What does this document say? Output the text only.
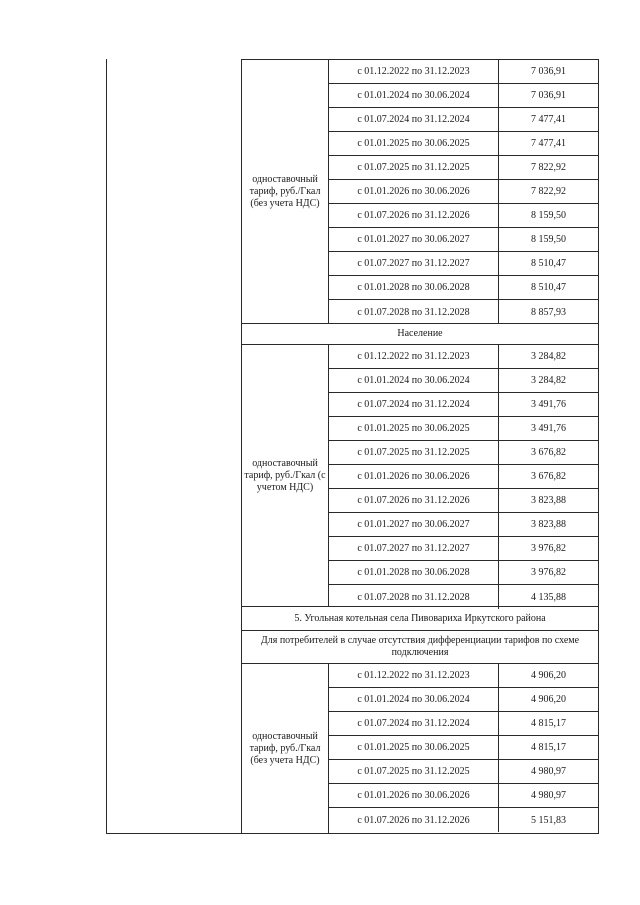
одноставочный тариф, руб./Гкал (без учета НДС)
с 01.12.2022 по 31.12.2023	7 036,91
с 01.01.2024 по 30.06.2024	7 036,91
с 01.07.2024 по 31.12.2024	7 477,41
с 01.01.2025 по 30.06.2025	7 477,41
с 01.07.2025 по 31.12.2025	7 822,92
с 01.01.2026 по 30.06.2026	7 822,92
с 01.07.2026 по 31.12.2026	8 159,50
с 01.01.2027 по 30.06.2027	8 159,50
с 01.07.2027 по 31.12.2027	8 510,47
с 01.01.2028 по 30.06.2028	8 510,47
с 01.07.2028 по 31.12.2028	8 857,93
Население
одноставочный тариф, руб./Гкал (с учетом НДС)
с 01.12.2022 по 31.12.2023	3 284,82
с 01.01.2024 по 30.06.2024	3 284,82
с 01.07.2024 по 31.12.2024	3 491,76
с 01.01.2025 по 30.06.2025	3 491,76
с 01.07.2025 по 31.12.2025	3 676,82
с 01.01.2026 по 30.06.2026	3 676,82
с 01.07.2026 по 31.12.2026	3 823,88
с 01.01.2027 по 30.06.2027	3 823,88
с 01.07.2027 по 31.12.2027	3 976,82
с 01.01.2028 по 30.06.2028	3 976,82
с 01.07.2028 по 31.12.2028	4 135,88
5. Угольная котельная села Пивовариха Иркутского района
Для потребителей в случае отсутствия дифференциации тарифов по схеме подключения
одноставочный тариф, руб./Гкал (без учета НДС)
с 01.12.2022 по 31.12.2023	4 906,20
с 01.01.2024 по 30.06.2024	4 906,20
с 01.07.2024 по 31.12.2024	4 815,17
с 01.01.2025 по 30.06.2025	4 815,17
с 01.07.2025 по 31.12.2025	4 980,97
с 01.01.2026 по 30.06.2026	4 980,97
с 01.07.2026 по 31.12.2026	5 151,83
